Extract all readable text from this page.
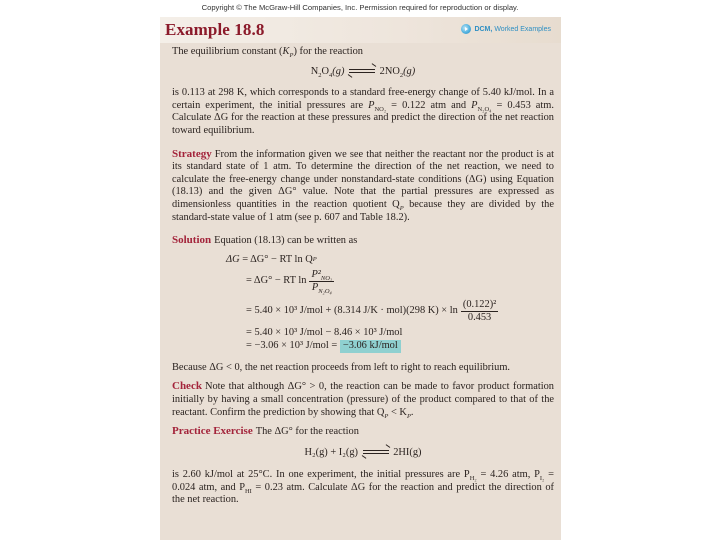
Copyright © The McGraw-Hill Companies, Inc. Permission required for reproduction or display.
Example 18.8	DCM, Worked Examples

The equilibrium constant $(K_P)$ for the reaction

$N_2O_4(g)$	$2NO_2(g)$

is 0.113 at 298 K, which corresponds to a standard free-energy change of 5.40 kJ/mol. In a certain experiment, the initial pressures are $P_{NO_2} = 0.122$ atm and $P_{N_2O_4} = 0.453$ atm. Calculate ΔG for the reaction at these pressures and predict the direction of the net reaction toward equilibrium.

Strategy From the information given we see that neither the reactant nor the product is at its standard state of 1 atm. To determine the direction of the net reaction, we need to calculate the free-energy change under nonstandard-state conditions (ΔG) using Equation (18.13) and the given ΔG° value. Note that the partial pressures are expressed as dimensionless quantities in the reaction quotient $Q_P$ because they are divided by the standard-state value of 1 atm (see p. 607 and Table 18.2).

Solution Equation (18.13) can be written as

ΔG
= ΔG° − RT ln Q P
= ΔG° − RT $\ln \frac{P^2_{NO_2}}{P_{N_2O_4}}$
= 5.40 × 10³ J/mol + (8.314 J/K · mol)(298 $K) \times \ln \frac{\text{(0.122)²}}{0.453}$
= 5.40 × 10³ J/mol − 8.46 × 10³ J/mol
= −3.06 × 10³ J/mol =
−3.06 kJ/mol

Because ΔG < 0, the net reaction proceeds from left to right to reach equilibrium.

Check Note that although ΔG° > 0, the reaction can be made to favor product formation initially by having a small concentration (pressure) of the product compared to that of the reactant. Confirm the prediction by showing that $Q_P < K_P$.

Practice Exercise The ΔG° for the reaction

H₂(g) + I₂(g)	2HI(g)

is 2.60 kJ/mol at 25°C. In one experiment, the initial pressures are $P_{H_2} = 4.26$ atm, $P_{I_2} = 0.024$ atm, and $P_{HI} = 0.23$ atm. Calculate ΔG for the reaction and predict the direction of the net reaction.
